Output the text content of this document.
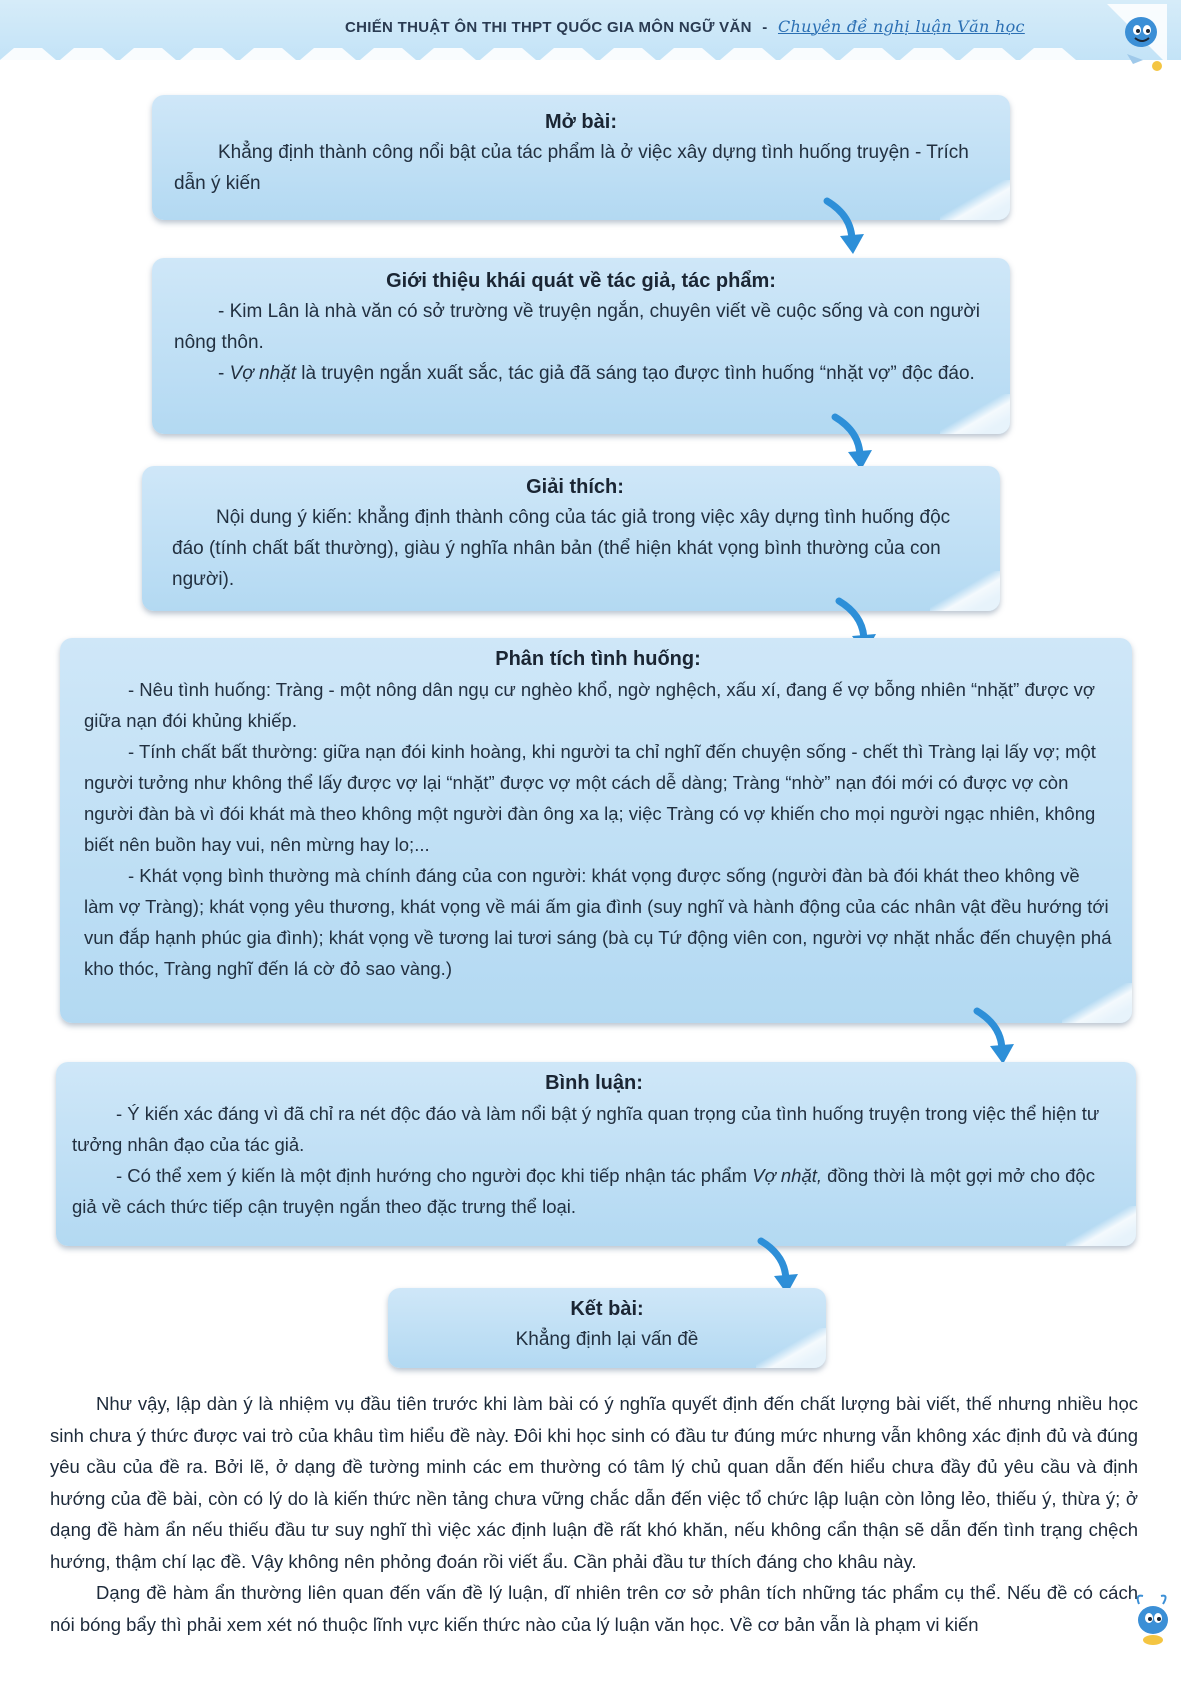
CHIẾN THUẬT ÔN THI THPT QUỐC GIA MÔN NGỮ VĂN - Chuyên đề nghị luận Văn học
Mở bài:

Khẳng định thành công nổi bật của tác phẩm là ở việc xây dựng tình huống truyện - Trích dẫn ý kiến

Giới thiệu khái quát về tác giả, tác phẩm:

- Kim Lân là nhà văn có sở trường về truyện ngắn, chuyên viết về cuộc sống và con người nông thôn.

- Vợ nhặt là truyện ngắn xuất sắc, tác giả đã sáng tạo được tình huống “nhặt vợ” độc đáo.

Giải thích:

Nội dung ý kiến: khẳng định thành công của tác giả trong việc xây dựng tình huống độc đáo (tính chất bất thường), giàu ý nghĩa nhân bản (thể hiện khát vọng bình thường của con người).

Phân tích tình huống:

- Nêu tình huống: Tràng - một nông dân ngụ cư nghèo khổ, ngờ nghệch, xấu xí, đang ế vợ bỗng nhiên “nhặt” được vợ giữa nạn đói khủng khiếp.

- Tính chất bất thường: giữa nạn đói kinh hoàng, khi người ta chỉ nghĩ đến chuyện sống - chết thì Tràng lại lấy vợ; một người tưởng như không thể lấy được vợ lại “nhặt” được vợ một cách dễ dàng; Tràng “nhờ” nạn đói mới có được vợ còn người đàn bà vì đói khát mà theo không một người đàn ông xa lạ; việc Tràng có vợ khiến cho mọi người ngạc nhiên, không biết nên buồn hay vui, nên mừng hay lo;...

- Khát vọng bình thường mà chính đáng của con người: khát vọng được sống (người đàn bà đói khát theo không về làm vợ Tràng); khát vọng yêu thương, khát vọng về mái ấm gia đình (suy nghĩ và hành động của các nhân vật đều hướng tới vun đắp hạnh phúc gia đình); khát vọng về tương lai tươi sáng (bà cụ Tứ động viên con, người vợ nhặt nhắc đến chuyện phá kho thóc, Tràng nghĩ đến lá cờ đỏ sao vàng.)

Bình luận:

- Ý kiến xác đáng vì đã chỉ ra nét độc đáo và làm nổi bật ý nghĩa quan trọng của tình huống truyện trong việc thể hiện tư tưởng nhân đạo của tác giả.

- Có thể xem ý kiến là một định hướng cho người đọc khi tiếp nhận tác phẩm Vợ nhặt, đồng thời là một gợi mở cho độc giả về cách thức tiếp cận truyện ngắn theo đặc trưng thể loại.

Kết bài:

Khẳng định lại vấn đề

Như vậy, lập dàn ý là nhiệm vụ đầu tiên trước khi làm bài có ý nghĩa quyết định đến chất lượng bài viết, thế nhưng nhiều học sinh chưa ý thức được vai trò của khâu tìm hiểu đề này. Đôi khi học sinh có đầu tư đúng mức nhưng vẫn không xác định đủ và đúng yêu cầu của đề ra. Bởi lẽ, ở dạng đề tường minh các em thường có tâm lý chủ quan dẫn đến hiểu chưa đầy đủ yêu cầu và định hướng của đề bài, còn có lý do là kiến thức nền tảng chưa vững chắc dẫn đến việc tổ chức lập luận còn lỏng lẻo, thiếu ý, thừa ý; ở dạng đề hàm ẩn nếu thiếu đầu tư suy nghĩ thì việc xác định luận đề rất khó khăn, nếu không cẩn thận sẽ dẫn đến tình trạng chệch hướng, thậm chí lạc đề. Vậy không nên phỏng đoán rồi viết ẩu. Cần phải đầu tư thích đáng cho khâu này.

Dạng đề hàm ẩn thường liên quan đến vấn đề lý luận, dĩ nhiên trên cơ sở phân tích những tác phẩm cụ thể. Nếu đề có cách nói bóng bẩy thì phải xem xét nó thuộc lĩnh vực kiến thức nào của lý luận văn học. Về cơ bản vẫn là phạm vi kiến
